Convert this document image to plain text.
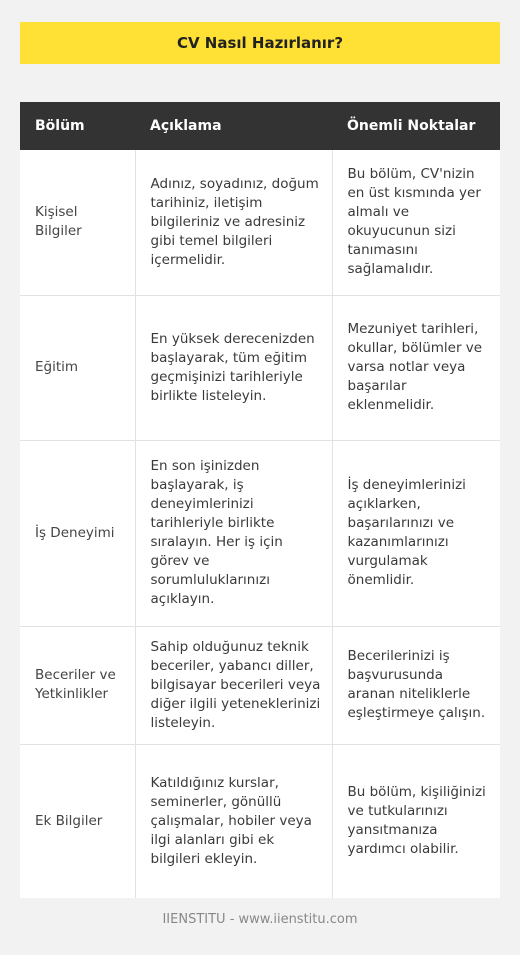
CV Nasıl Hazırlanır?
Bölüm	Açıklama	Önemli Noktalar
Kişisel Bilgiler	Adınız, soyadınız, doğum tarihiniz, iletişim bilgileriniz ve adresiniz gibi temel bilgileri içermelidir.	Bu bölüm, CV'nizin en üst kısmında yer almalı ve okuyucunun sizi tanımasını sağlamalıdır.
Eğitim	En yüksek derecenizden başlayarak, tüm eğitim geçmişinizi tarihleriyle birlikte listeleyin.	Mezuniyet tarihleri, okullar, bölümler ve varsa notlar veya başarılar eklenmelidir.
İş Deneyimi	En son işinizden başlayarak, iş deneyimlerinizi tarihleriyle birlikte sıralayın. Her iş için görev ve sorumluluklarınızı açıklayın.	İş deneyimlerinizi açıklarken, başarılarınızı ve kazanımlarınızı vurgulamak önemlidir.
Beceriler ve Yetkinlikler	Sahip olduğunuz teknik beceriler, yabancı diller, bilgisayar becerileri veya diğer ilgili yeteneklerinizi listeleyin.	Becerilerinizi iş başvurusunda aranan niteliklerle eşleştirmeye çalışın.
Ek Bilgiler	Katıldığınız kurslar, seminerler, gönüllü çalışmalar, hobiler veya ilgi alanları gibi ek bilgileri ekleyin.	Bu bölüm, kişiliğinizi ve tutkularınızı yansıtmanıza yardımcı olabilir.
IIENSTITU - www.iienstitu.com
